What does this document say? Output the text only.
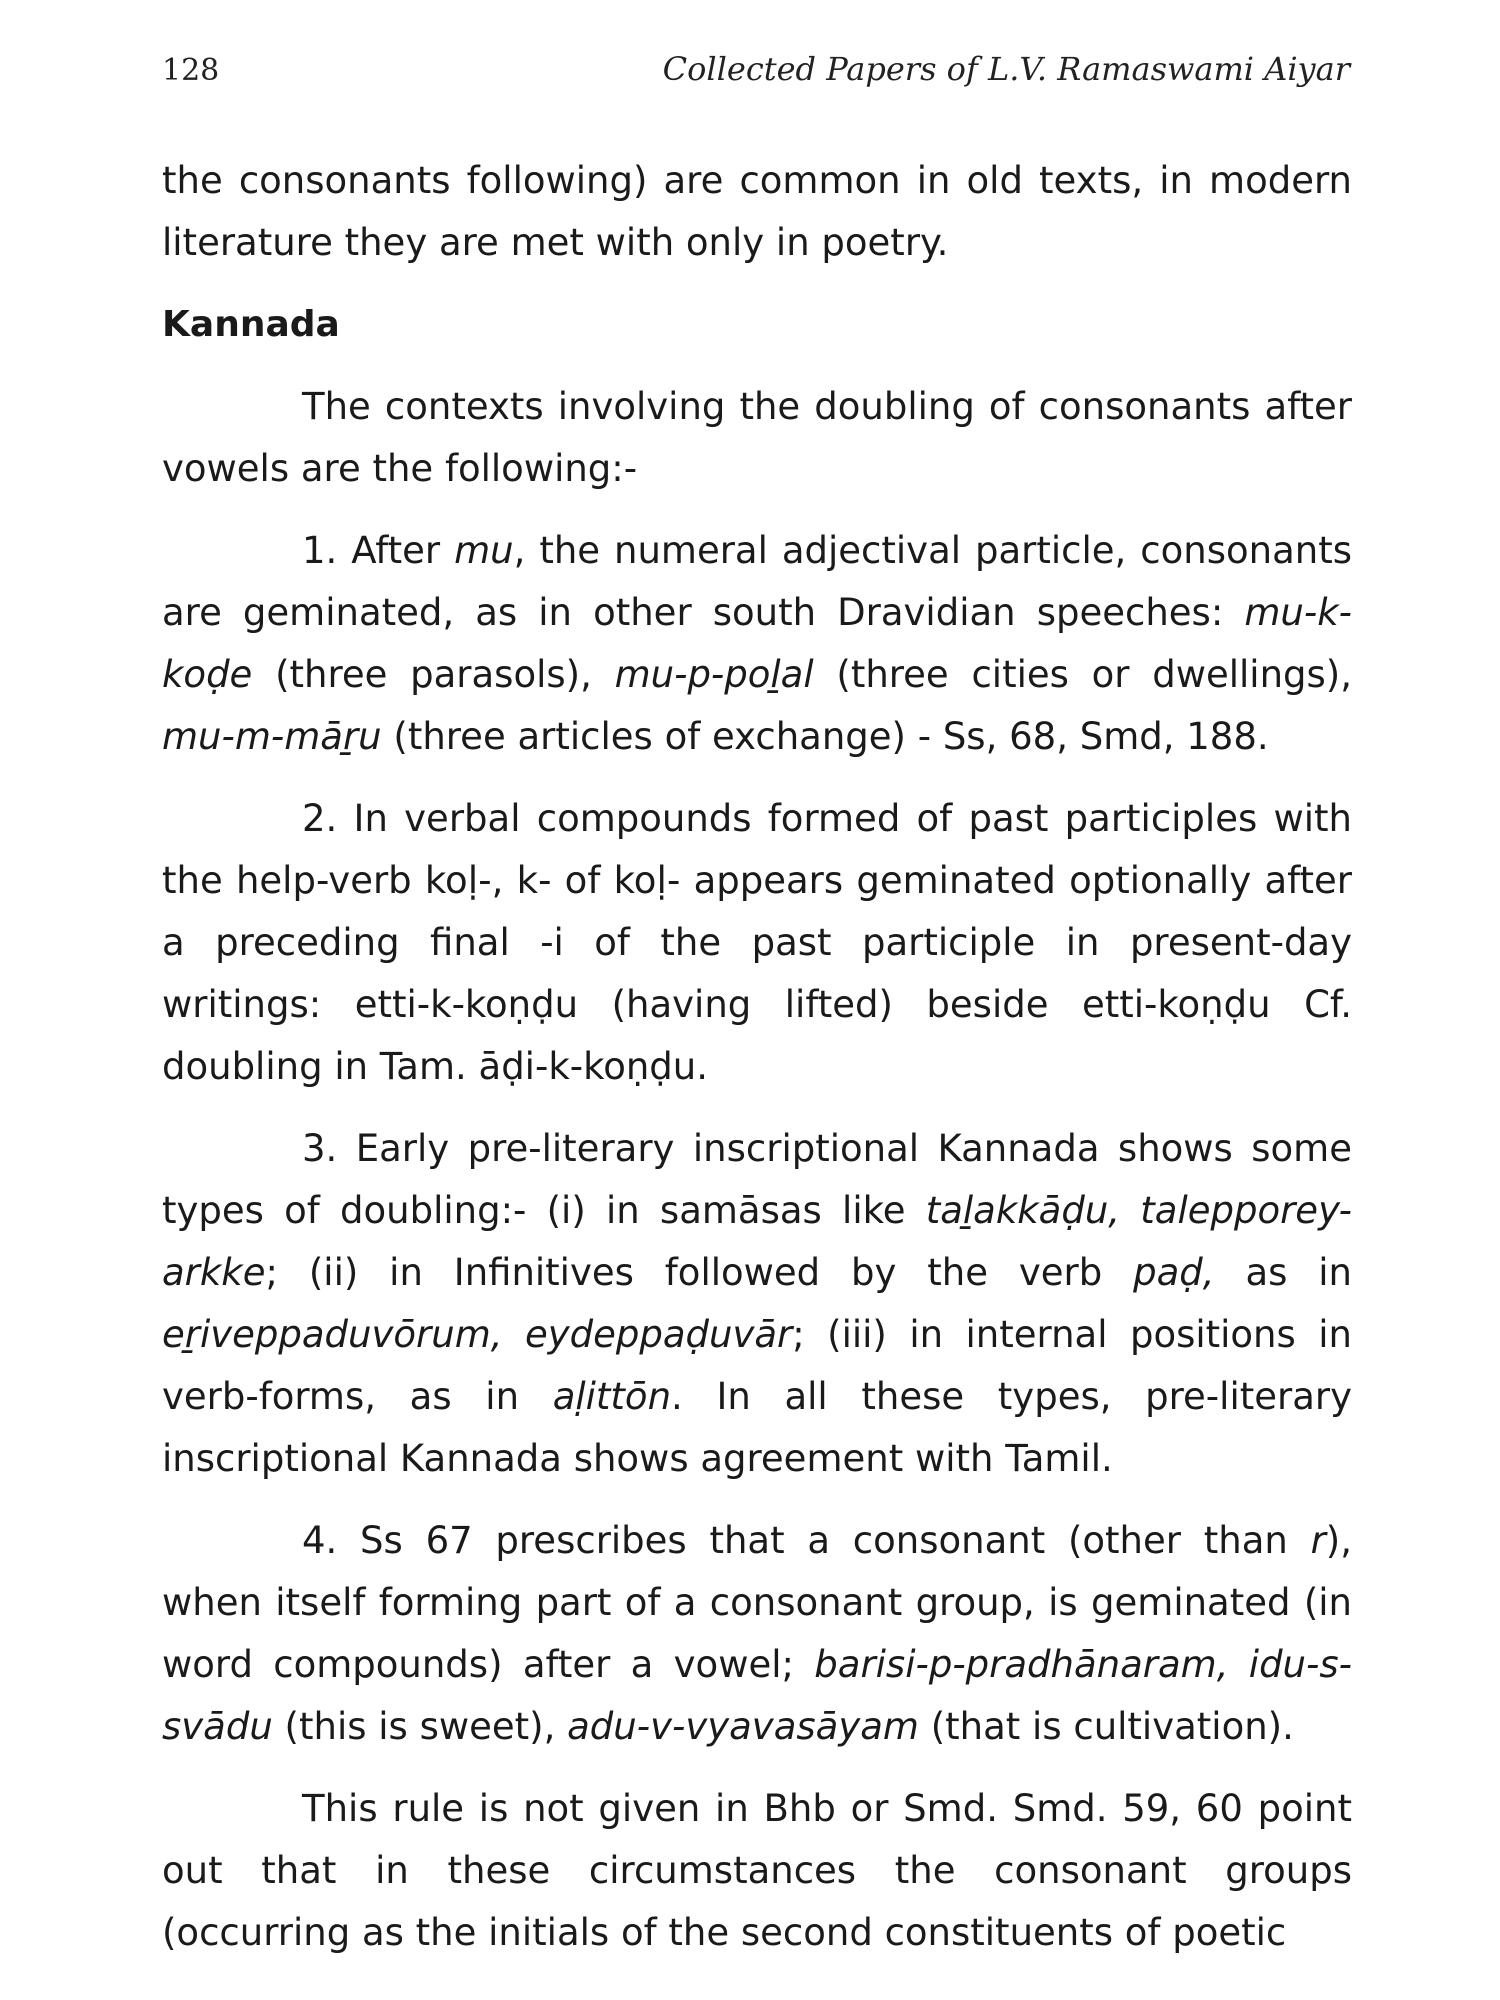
128	Collected Papers of L.V. Ramaswami Aiyar

the consonants following) are common in old texts, in modern literature they are met with only in poetry.

Kannada

The contexts involving the doubling of consonants after vowels are the following:-

1. After mu, the numeral adjectival particle, consonants are geminated, as in other south Dravidian speeches: mu-k-koḍe (three parasols), mu-p-poḻal (three cities or dwellings), mu-m-māṟu (three articles of exchange) - Ss, 68, Smd, 188.

2. In verbal compounds formed of past participles with the help-verb koḷ-, k- of koḷ- appears geminated optionally after a preceding final -i of the past participle in present-day writings: etti-k-koṇḍu (having lifted) beside etti-koṇḍu Cf. doubling in Tam. āḍi-k-koṇḍu.

3. Early pre-literary inscriptional Kannada shows some types of doubling:- (i) in samāsas like taḻakkāḍu, talepporey-arkke; (ii) in Infinitives followed by the verb paḍ, as in eṟiveppaduvōrum, eydeppaḍuvār; (iii) in internal positions in verb-forms, as in aḷittōn. In all these types, pre-literary inscriptional Kannada shows agreement with Tamil.

4. Ss 67 prescribes that a consonant (other than r), when itself forming part of a consonant group, is geminated (in word compounds) after a vowel; barisi-p-pradhānaram, idu-s-svādu (this is sweet), adu-v-vyavasāyam (that is cultivation).

This rule is not given in Bhb or Smd. Smd. 59, 60 point out that in these circumstances the consonant groups (occurring as the initials of the second constituents of poetic
